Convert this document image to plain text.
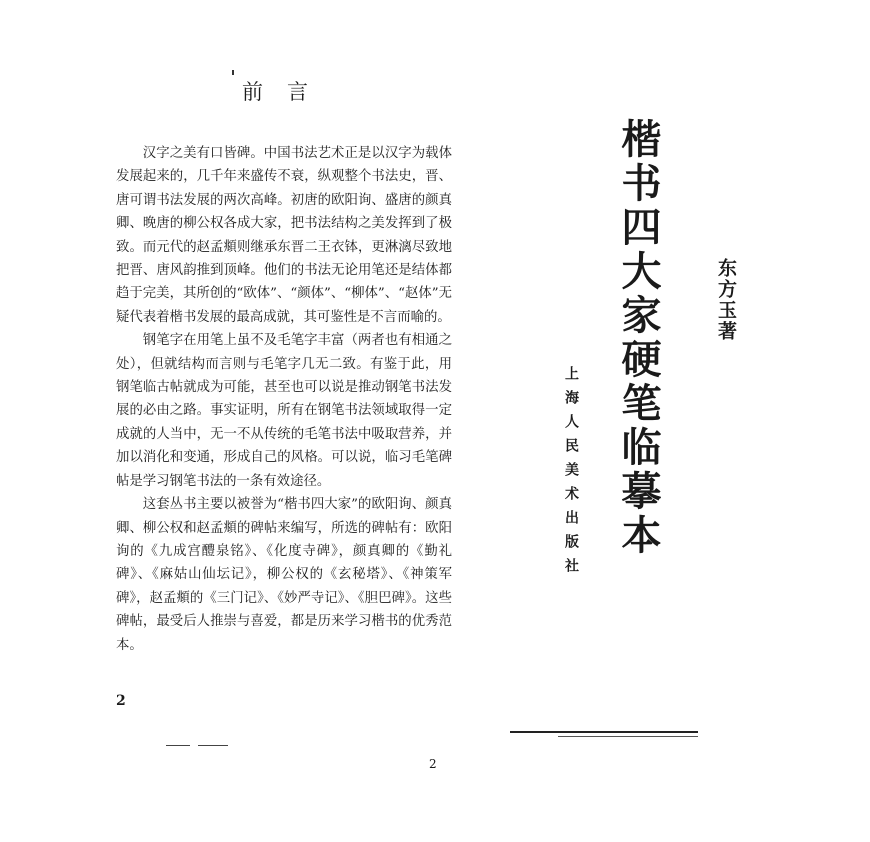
前言

汉字之美有口皆碑。中国书法艺术正是以汉字为载体发展起来的，几千年来盛传不衰，纵观整个书法史，晋、唐可谓书法发展的两次高峰。初唐的欧阳询、盛唐的颜真卿、晚唐的柳公权各成大家，把书法结构之美发挥到了极致。而元代的赵孟頫则继承东晋二王衣钵，更淋漓尽致地把晋、唐风韵推到顶峰。他们的书法无论用笔还是结体都趋于完美，其所创的“欧体”、“颜体”、“柳体”、“赵体”无疑代表着楷书发展的最高成就，其可鉴性是不言而喻的。

钢笔字在用笔上虽不及毛笔字丰富（两者也有相通之处），但就结构而言则与毛笔字几无二致。有鉴于此，用钢笔临古帖就成为可能，甚至也可以说是推动钢笔书法发展的必由之路。事实证明，所有在钢笔书法领域取得一定成就的人当中，无一不从传统的毛笔书法中吸取营养，并加以消化和变通，形成自己的风格。可以说，临习毛笔碑帖是学习钢笔书法的一条有效途径。

这套丛书主要以被誉为“楷书四大家”的欧阳询、颜真卿、柳公权和赵孟頫的碑帖来编写，所选的碑帖有：欧阳询的《九成宫醴泉铭》、《化度寺碑》，颜真卿的《勤礼碑》、《麻姑山仙坛记》，柳公权的《玄秘塔》、《神策军碑》，赵孟頫的《三门记》、《妙严寺记》、《胆巴碑》。这些碑帖，最受后人推崇与喜爱，都是历来学习楷书的优秀范本。

2
2
楷书四大家硬笔临摹本	东方玉著
上海人民美术出版社
